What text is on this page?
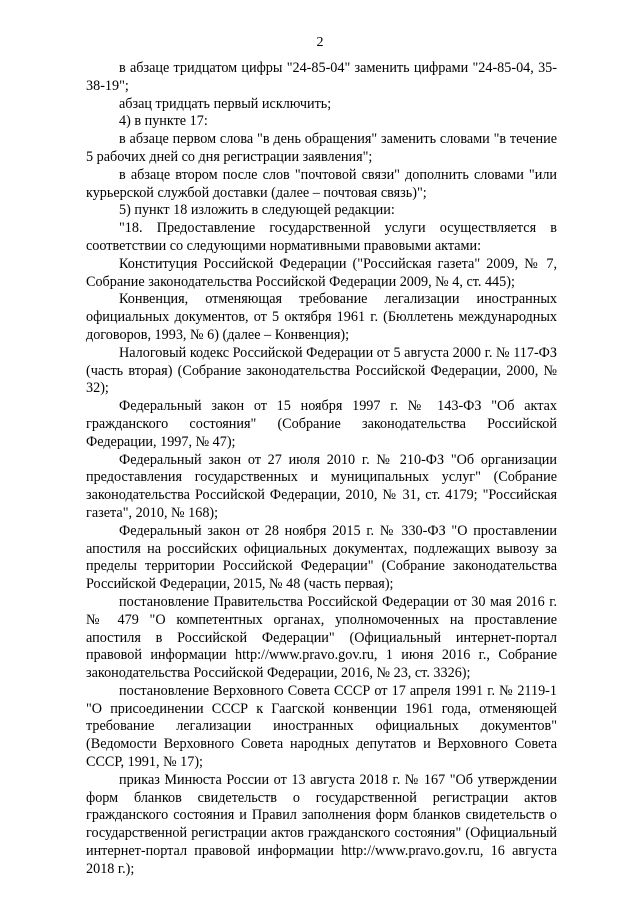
2

в абзаце тридцатом цифры "24-85-04" заменить цифрами "24-85-04, 35-38-19";

абзац тридцать первый исключить;

4) в пункте 17:

в абзаце первом слова "в день обращения" заменить словами "в течение 5 рабочих дней со дня регистрации заявления";

в абзаце втором после слов "почтовой связи" дополнить словами "или курьерской службой доставки (далее – почтовая связь)";

5) пункт 18 изложить в следующей редакции:

"18. Предоставление государственной услуги осуществляется в соответствии со следующими нормативными правовыми актами:

Конституция Российской Федерации ("Российская газета" 2009, № 7, Собрание законодательства Российской Федерации 2009, № 4, ст. 445);

Конвенция, отменяющая требование легализации иностранных официальных документов, от 5 октября 1961 г. (Бюллетень международных договоров, 1993, № 6) (далее – Конвенция);

Налоговый кодекс Российской Федерации от 5 августа 2000 г. № 117-ФЗ (часть вторая) (Собрание законодательства Российской Федерации, 2000, № 32);

Федеральный закон от 15 ноября 1997 г. № 143-ФЗ "Об актах гражданского состояния" (Собрание законодательства Российской Федерации, 1997, № 47);

Федеральный закон от 27 июля 2010 г. № 210-ФЗ "Об организации предоставления государственных и муниципальных услуг" (Собрание законодательства Российской Федерации, 2010, № 31, ст. 4179; "Российская газета", 2010, № 168);

Федеральный закон от 28 ноября 2015 г. № 330-ФЗ "О проставлении апостиля на российских официальных документах, подлежащих вывозу за пределы территории Российской Федерации" (Собрание законодательства Российской Федерации, 2015, № 48 (часть первая);

постановление Правительства Российской Федерации от 30 мая 2016 г. № 479 "О компетентных органах, уполномоченных на проставление апостиля в Российской Федерации" (Официальный интернет-портал правовой информации http://www.pravo.gov.ru, 1 июня 2016 г., Собрание законодательства Российской Федерации, 2016, № 23, ст. 3326);

постановление Верховного Совета СССР от 17 апреля 1991 г. № 2119-1 "О присоединении СССР к Гаагской конвенции 1961 года, отменяющей требование легализации иностранных официальных документов" (Ведомости Верховного Совета народных депутатов и Верховного Совета СССР, 1991, № 17);

приказ Минюста России от 13 августа 2018 г. № 167 "Об утверждении форм бланков свидетельств о государственной регистрации актов гражданского состояния и Правил заполнения форм бланков свидетельств о государственной регистрации актов гражданского состояния" (Официальный интернет-портал правовой информации http://www.pravo.gov.ru, 16 августа 2018 г.);
